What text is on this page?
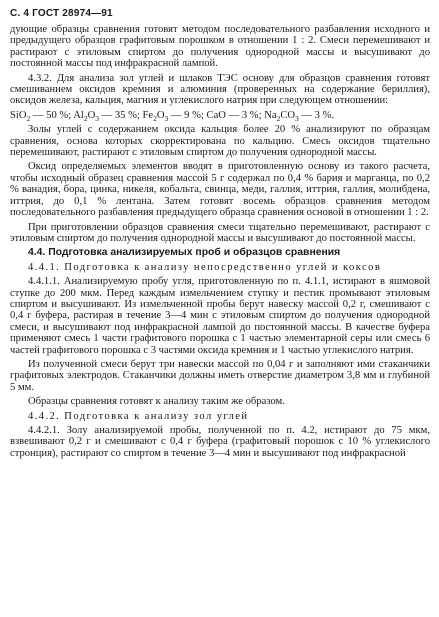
С. 4 ГОСТ 28974—91

дующие образцы сравнения готовят методом последовательного разбавления исходного и предыдущего образцов графитовым порошком в отношении 1 : 2. Смеси перемешивают и растирают с этиловым спиртом до получения однородной массы и высушивают до постоянной массы под инфракрасной лампой.

4.3.2. Для анализа зол углей и шлаков ТЭС основу для образцов сравнения готовят смешиванием оксидов кремния и алюминия (проверенных на содержание бериллия), оксидов железа, кальция, магния и углекислого натрия при следующем отношении:

SiO$_2$ — 50 %; $Al_2O_3$ — 35 %; $Fe_2O_3$ — 9 %; CaO — 3 %; $Na_2CO_3$ — 3 %.

Золы углей с содержанием оксида кальция более 20 % анализируют по образцам сравнения, основа которых скорректирована по кальцию. Смесь оксидов тщательно перемешивают, растирают с этиловым спиртом до получения однородной массы.

Оксид определяемых элементов вводят в приготовленную основу из такого расчета, чтобы исходный образец сравнения массой 5 г содержал по 0,4 % бария и марганца, по 0,2 % ванадия, бора, цинка, никеля, кобальта, свинца, меди, галлия, иттрия, галлия, молибдена, иттрия, до 0,1 % лентана. Затем готовят восемь образцов сравнения методом последовательного разбавления предыдущего образца сравнения основой в отношении 1 : 2.

При приготовлении образцов сравнения смеси тщательно перемешивают, растирают с этиловым спиртом до получения однородной массы и высушивают до постоянной массы.

4.4. Подготовка анализируемых проб и образцов сравнения

4.4.1. Подготовка к анализу непосредственно углей и коксов

4.4.1.1. Анализируемую пробу угля, приготовленную по п. 4.1.1, истирают в яшмовой ступке до 200 мкм. Перед каждым измельчением ступку и пестик промывают этиловым спиртом и высушивают. Из измельченной пробы берут навеску массой 0,2 г, смешивают с 0,4 г буфера, растирая в течение 3—4 мин с этиловым спиртом до получения однородной смеси, и высушивают под инфракрасной лампой до постоянной массы. В качестве буфера применяют смесь 1 части графитового порошка с 1 частью элементарной серы или смесь 6 частей графитового порошка с 3 частями оксида кремния и 1 частью углекислого натрия.

Из полученной смеси берут три навески массой по 0,04 г и заполняют ими стаканчики графитовых электродов. Стаканчики должны иметь отверстие диаметром 3,8 мм и глубиной 5 мм.

Образцы сравнения готовят к анализу таким же образом.

4.4.2. Подготовка к анализу зол углей

4.4.2.1. Золу анализируемой пробы, полученной по п. 4.2, истирают до 75 мкм, взвешивают 0,2 г и смешивают с 0,4 г буфера (графитовый порошок с 10 % углекислого стронция), растирают со спиртом в течение 3—4 мин и высушивают под инфракрасной
